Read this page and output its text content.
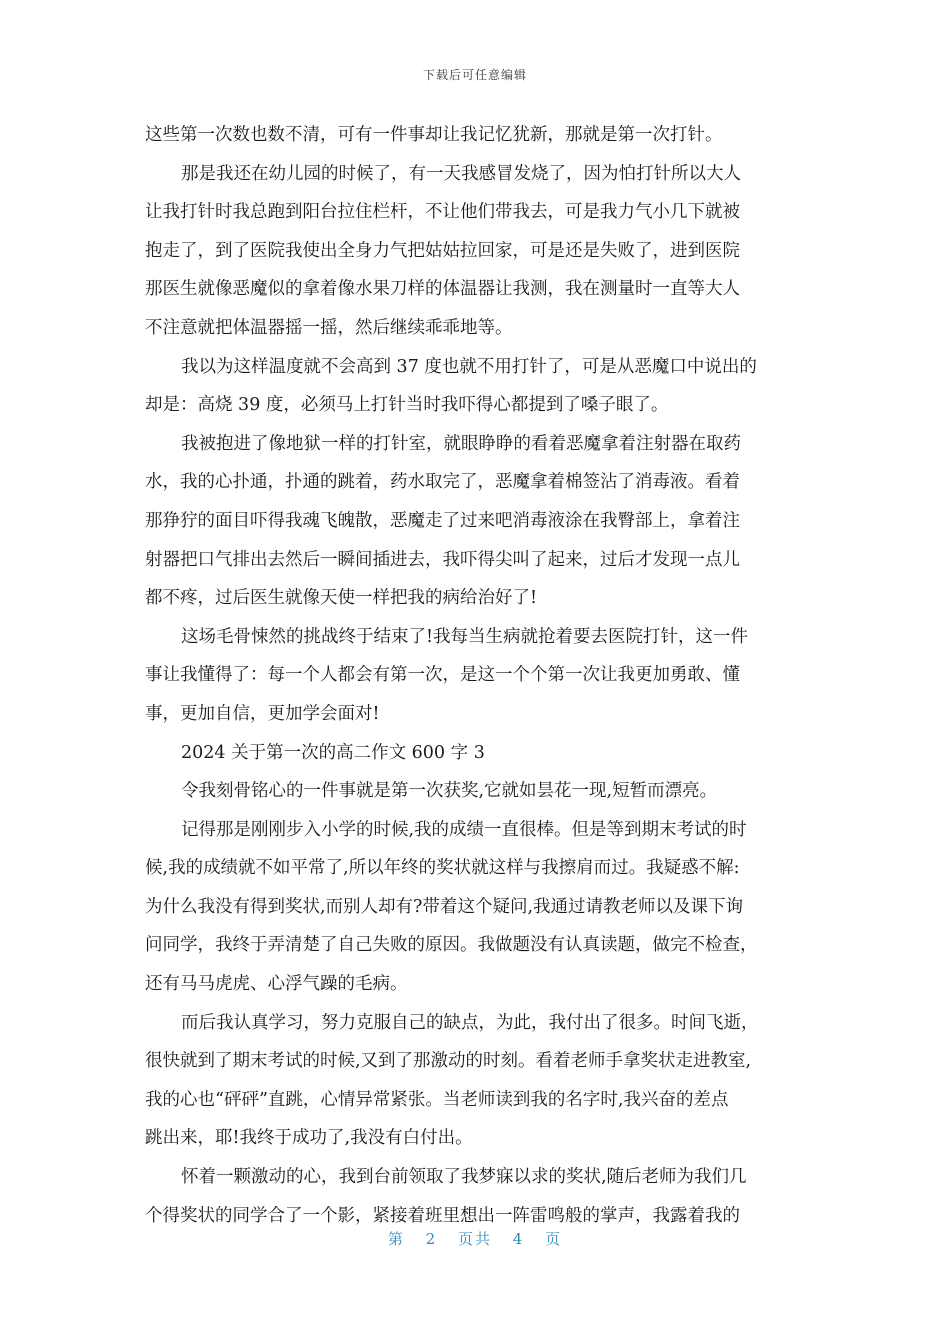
下载后可任意编辑
这些第一次数也数不清，可有一件事却让我记忆犹新，那就是第一次打针。
那是我还在幼儿园的时候了，有一天我感冒发烧了，因为怕打针所以大人
让我打针时我总跑到阳台拉住栏杆，不让他们带我去，可是我力气小几下就被
抱走了，到了医院我使出全身力气把姑姑拉回家，可是还是失败了，进到医院
那医生就像恶魔似的拿着像水果刀样的体温器让我测，我在测量时一直等大人
不注意就把体温器摇一摇，然后继续乖乖地等。
我以为这样温度就不会高到 37 度也就不用打针了，可是从恶魔口中说出的
却是：高烧 39 度，必须马上打针当时我吓得心都提到了嗓子眼了。
我被抱进了像地狱一样的打针室，就眼睁睁的看着恶魔拿着注射器在取药
水，我的心扑通，扑通的跳着，药水取完了，恶魔拿着棉签沾了消毒液。看着
那狰狞的面目吓得我魂飞魄散，恶魔走了过来吧消毒液涂在我臀部上，拿着注
射器把口气排出去然后一瞬间插进去，我吓得尖叫了起来，过后才发现一点儿
都不疼，过后医生就像天使一样把我的病给治好了!
这场毛骨悚然的挑战终于结束了!我每当生病就抢着要去医院打针，这一件
事让我懂得了：每一个人都会有第一次，是这一个个第一次让我更加勇敢、懂
事，更加自信，更加学会面对!
2024 关于第一次的高二作文 600 字 3
令我刻骨铭心的一件事就是第一次获奖,它就如昙花一现,短暂而漂亮。
记得那是刚刚步入小学的时候,我的成绩一直很棒。但是等到期末考试的时
候,我的成绩就不如平常了,所以年终的奖状就这样与我擦肩而过。我疑惑不解:
为什么我没有得到奖状,而别人却有?带着这个疑问,我通过请教老师以及课下询
问同学，我终于弄清楚了自己失败的原因。我做题没有认真读题，做完不检查，
还有马马虎虎、心浮气躁的毛病。
而后我认真学习，努力克服自己的缺点，为此，我付出了很多。时间飞逝，
很快就到了期末考试的时候,又到了那激动的时刻。看着老师手拿奖状走进教室,
我的心也“砰砰”直跳，心情异常紧张。当老师读到我的名字时,我兴奋的差点
跳出来，耶!我终于成功了,我没有白付出。
怀着一颗激动的心，我到台前领取了我梦寐以求的奖状,随后老师为我们几
个得奖状的同学合了一个影，紧接着班里想出一阵雷鸣般的掌声，我露着我的
第 2 页共 4 页
